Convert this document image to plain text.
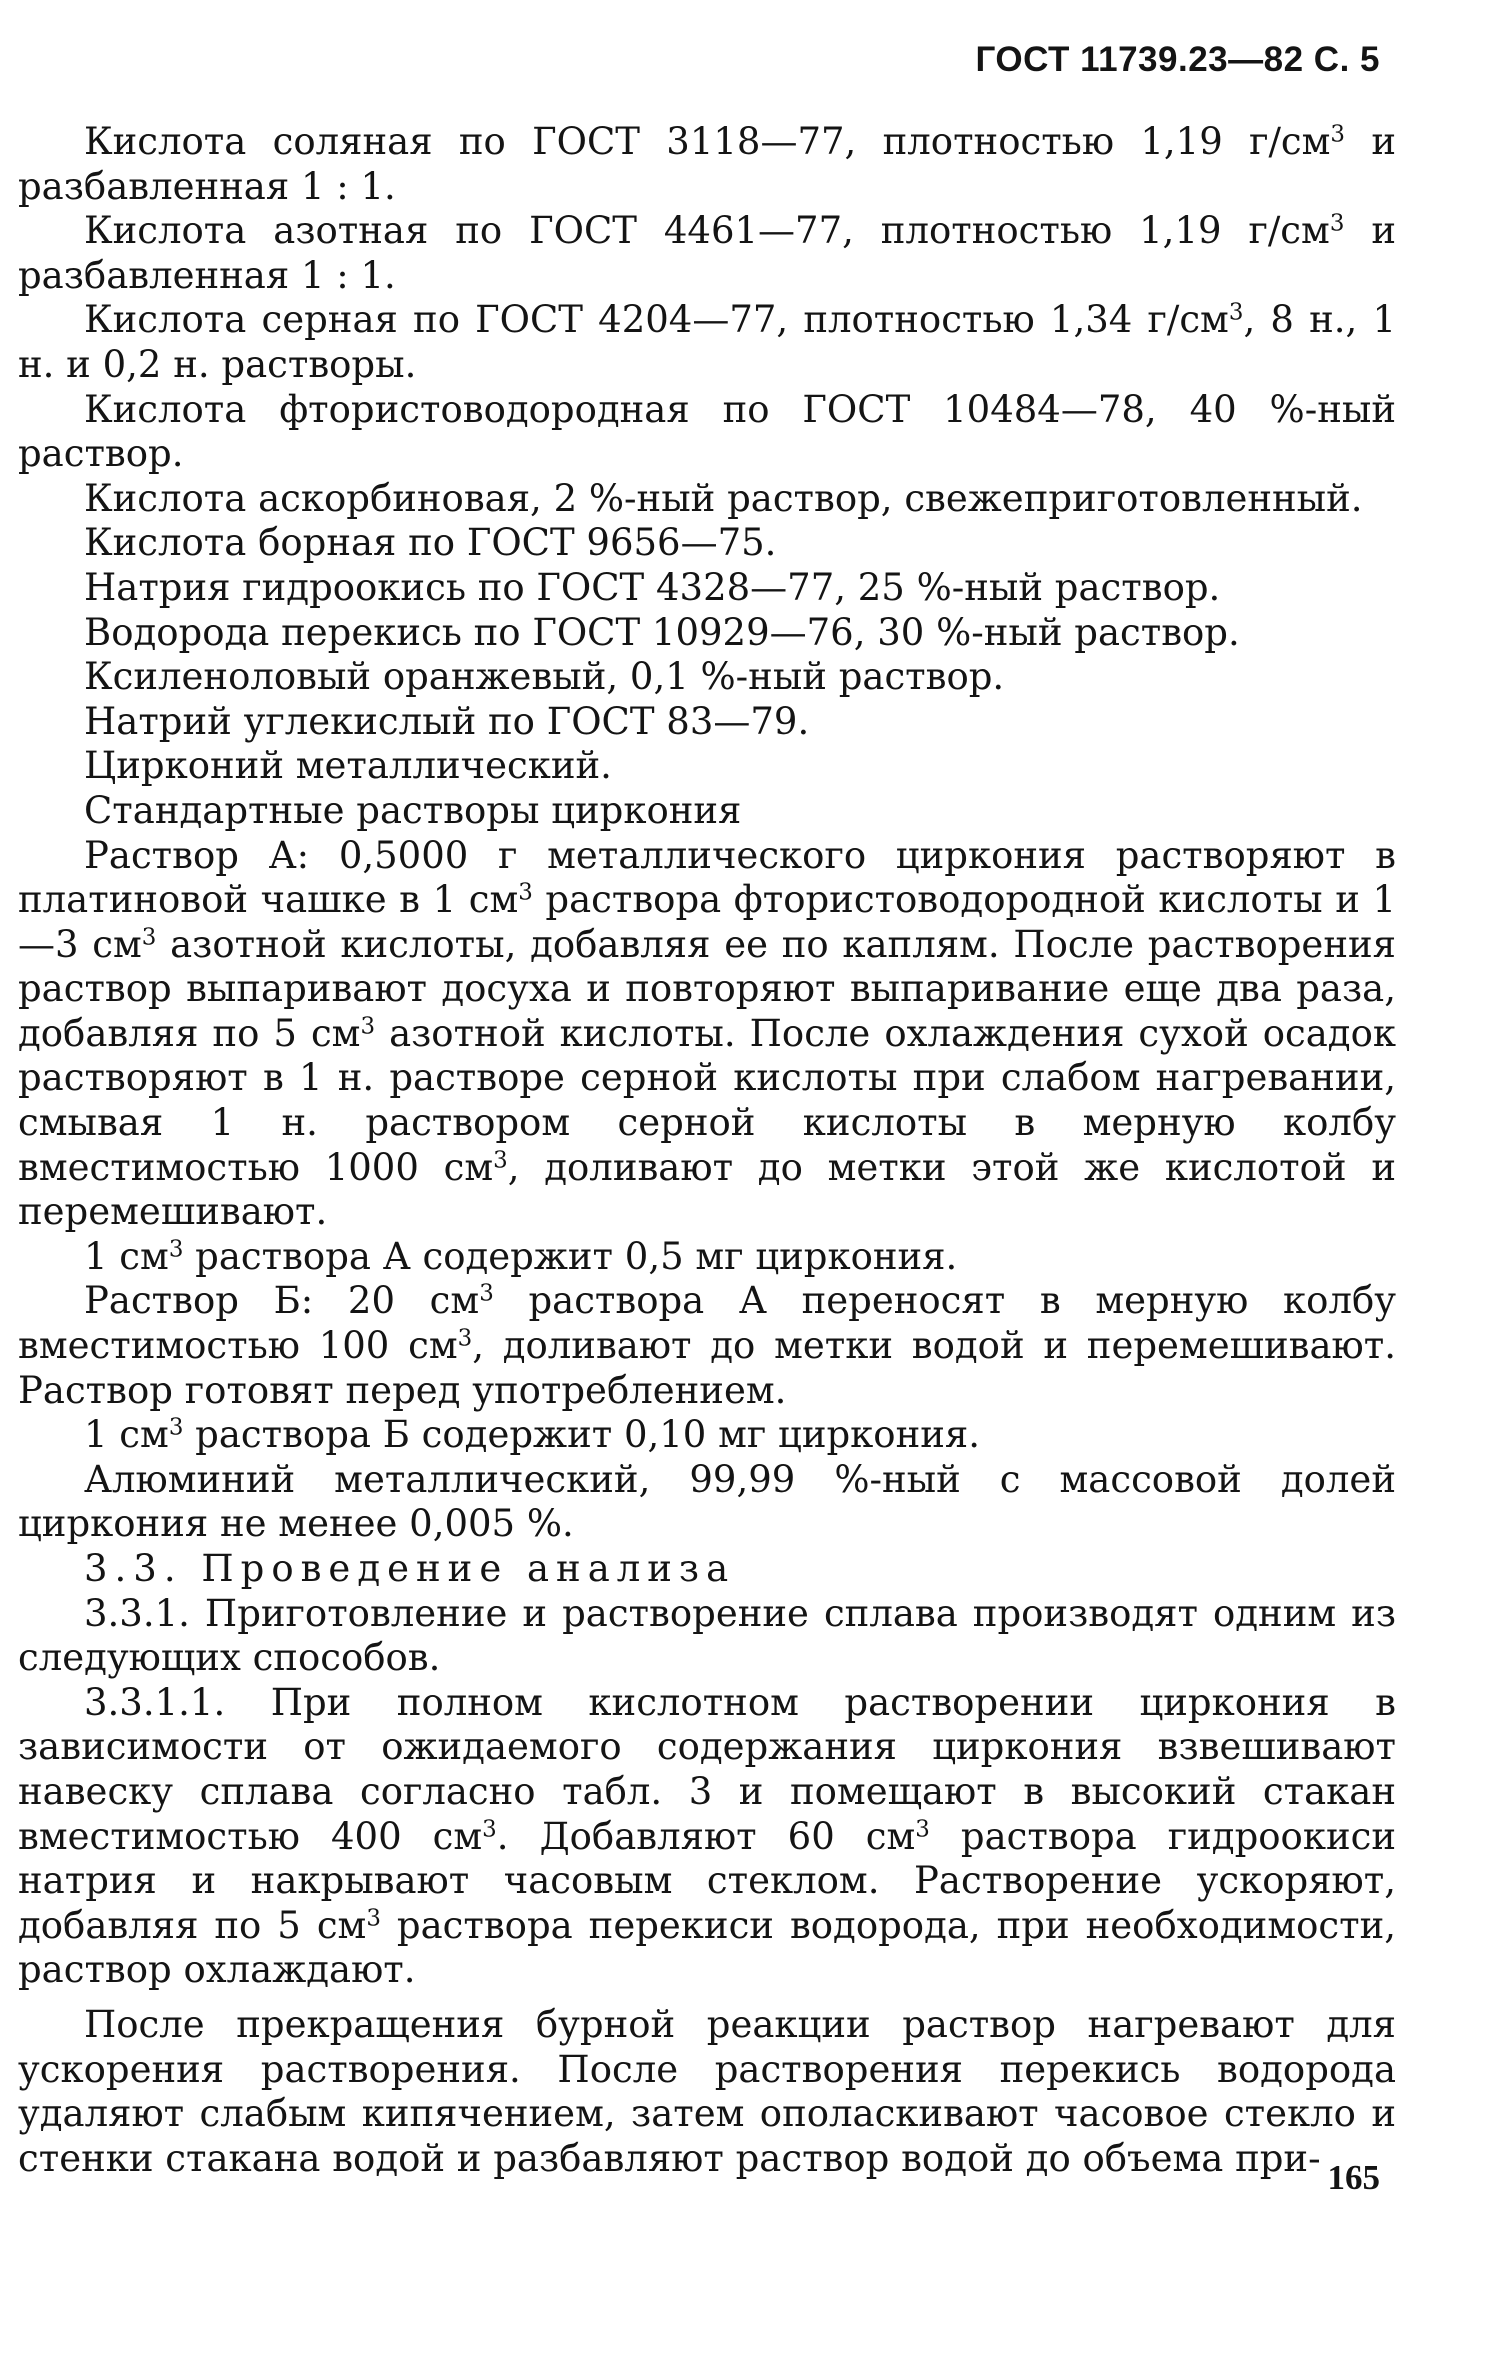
ГОСТ 11739.23—82 С. 5

Кислота соляная по ГОСТ 3118—77, плотностью 1,19 $г/см^3$ и разбавленная 1 : 1.

Кислота азотная по ГОСТ 4461—77, плотностью 1,19 $г/см^3$ и разбавленная 1 : 1.

Кислота серная по ГОСТ 4204—77, плотностью 1,34 $г/см^3$, 8 н., 1 н. и 0,2 н. растворы.

Кислота фтористоводородная по ГОСТ 10484—78, 40 %-ный раствор.

Кислота аскорбиновая, 2 %-ный раствор, свежеприготовленный.

Кислота борная по ГОСТ 9656—75.

Натрия гидроокись по ГОСТ 4328—77, 25 %-ный раствор.

Водорода перекись по ГОСТ 10929—76, 30 %-ный раствор.

Ксиленоловый оранжевый, 0,1 %-ный раствор.

Натрий углекислый по ГОСТ 83—79.

Цирконий металлический.

Стандартные растворы циркония

Раствор А: 0,5000 г металлического циркония растворяют в платиновой чашке в 1 $см^3$ раствора фтористоводородной кислоты и 1—3 $см^3$ азотной кислоты, добавляя ее по каплям. После растворения раствор выпаривают досуха и повторяют выпаривание еще два раза, добавляя по 5 $см^3$ азотной кислоты. После охлаждения сухой осадок растворяют в 1 н. растворе серной кислоты при слабом нагревании, смывая 1 н. раствором серной кислоты в мерную колбу вместимостью 1000 $см^3$, доливают до метки этой же кислотой и перемешивают.

1 $см^3$ раствора А содержит 0,5 мг циркония.

Раствор Б: 20 $см^3$ раствора А переносят в мерную колбу вместимостью 100 $см^3$, доливают до метки водой и перемешивают. Раствор готовят перед употреблением.

1 $см^3$ раствора Б содержит 0,10 мг циркония.

Алюминий металлический, 99,99 %-ный с массовой долей циркония не менее 0,005 %.

3.3. Проведение анализа

3.3.1. Приготовление и растворение сплава производят одним из следующих способов.

3.3.1.1. При полном кислотном растворении циркония в зависимости от ожидаемого содержания циркония взвешивают навеску сплава согласно табл. 3 и помещают в высокий стакан вместимостью 400 $см^3$. Добавляют 60 $см^3$ раствора гидроокиси натрия и накрывают часовым стеклом. Растворение ускоряют, добавляя по 5 $см^3$ раствора перекиси водорода, при необходимости, раствор охлаждают.

После прекращения бурной реакции раствор нагревают для ускорения растворения. После растворения перекись водорода удаляют слабым кипячением, затем ополаскивают часовое стекло и стенки стакана водой и разбавляют раствор водой до объема при- 165
